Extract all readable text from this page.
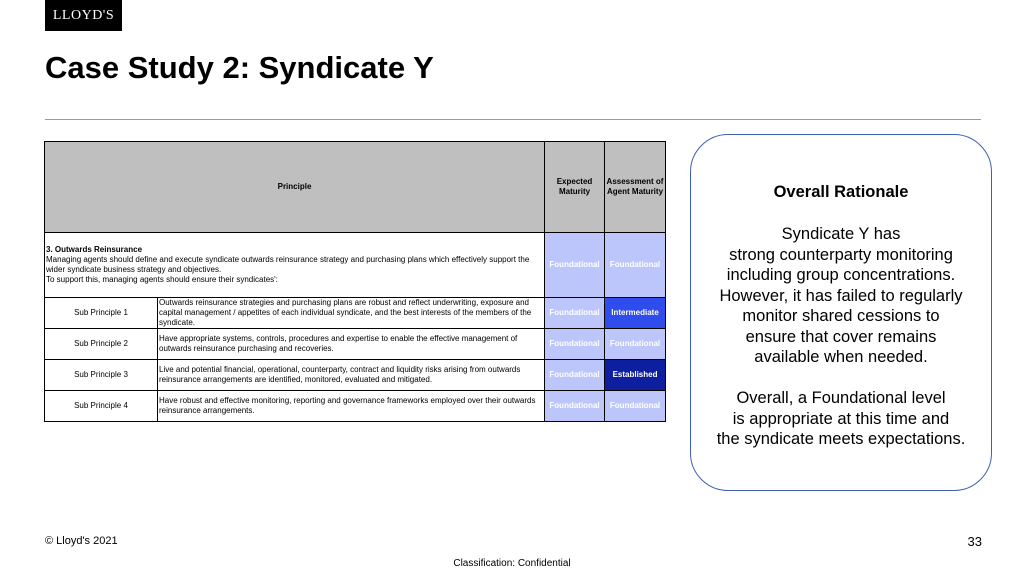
LLOYD'S
Case Study 2: Syndicate Y
Principle		Expected Maturity	Assessment of Agent Maturity

3. Outwards Reinsurance
Managing agents should define and execute syndicate outwards reinsurance strategy and purchasing plans which effectively support the wider syndicate business strategy and objectives.
To support this, managing agents should ensure their syndicates':		Foundational	Foundational
Sub Principle 1	Outwards reinsurance strategies and purchasing plans are robust and reflect underwriting, exposure and capital management / appetites of each individual syndicate, and the best interests of the members of the syndicate.	Foundational	Intermediate
Sub Principle 2	Have appropriate systems, controls, procedures and expertise to enable the effective management of outwards reinsurance purchasing and recoveries.	Foundational	Foundational
Sub Principle 3	Live and potential financial, operational, counterparty, contract and liquidity risks arising from outwards reinsurance arrangements are identified, monitored, evaluated and mitigated.	Foundational	Established
Sub Principle 4	Have robust and effective monitoring, reporting and governance frameworks employed over their outwards reinsurance arrangements.	Foundational	Foundational
Overall Rationale
Syndicate Y has
strong counterparty monitoring
including group concentrations.
However, it has failed to regularly
monitor shared cessions to
ensure that cover remains
available when needed.

Overall, a Foundational level
is appropriate at this time and
the syndicate meets expectations.
© Lloyd's 2021	33
Classification: Confidential
